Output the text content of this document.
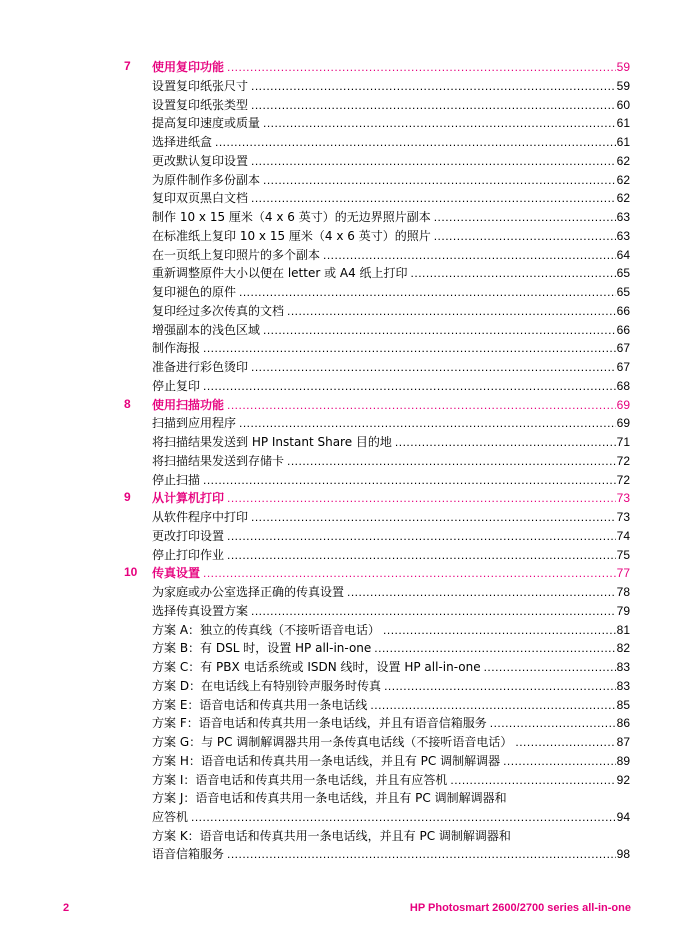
7	使用复印功能 .....	59
设置复印纸张尺寸 .....	59
设置复印纸张类型 .....	60
提高复印速度或质量 .....	61
选择进纸盒 .....	61
更改默认复印设置 .....	62
为原件制作多份副本 .....	62
复印双页黑白文档 .....	62
制作 10 x 15 厘米（4 x 6 英寸）的无边界照片副本 .....	63
在标准纸上复印 10 x 15 厘米（4 x 6 英寸）的照片 .....	63
在一页纸上复印照片的多个副本 .....	64
重新调整原件大小以便在 letter 或 A4 纸上打印 .....	65
复印褪色的原件 .....	65
复印经过多次传真的文档 .....	66
增强副本的浅色区域 .....	66
制作海报 .....	67
准备进行彩色烫印 .....	67
停止复印 .....	68
8	使用扫描功能 .....	69
扫描到应用程序 .....	69
将扫描结果发送到 HP Instant Share 目的地 .....	71
将扫描结果发送到存储卡 .....	72
停止扫描 .....	72
9	从计算机打印 .....	73
从软件程序中打印 .....	73
更改打印设置 .....	74
停止打印作业 .....	75
10	传真设置 .....	77
为家庭或办公室选择正确的传真设置 .....	78
选择传真设置方案 .....	79
方案 A：独立的传真线（不接听语音电话） .....	81
方案 B：有 DSL 时，设置 HP all-in-one .....	82
方案 C：有 PBX 电话系统或 ISDN 线时，设置 HP all-in-one .....	83
方案 D：在电话线上有特别铃声服务时传真 .....	83
方案 E：语音电话和传真共用一条电话线 .....	85
方案 F：语音电话和传真共用一条电话线，并且有语音信箱服务 .....	86
方案 G：与 PC 调制解调器共用一条传真电话线（不接听语音电话） .....	87
方案 H：语音电话和传真共用一条电话线，并且有 PC 调制解调器 .....	89
方案 I：语音电话和传真共用一条电话线，并且有应答机 .....	92
方案 J：语音电话和传真共用一条电话线，并且有 PC 调制解调器和
应答机 .....	94
方案 K：语音电话和传真共用一条电话线，并且有 PC 调制解调器和
语音信箱服务 .....	98
2	HP Photosmart 2600/2700 series all-in-one
